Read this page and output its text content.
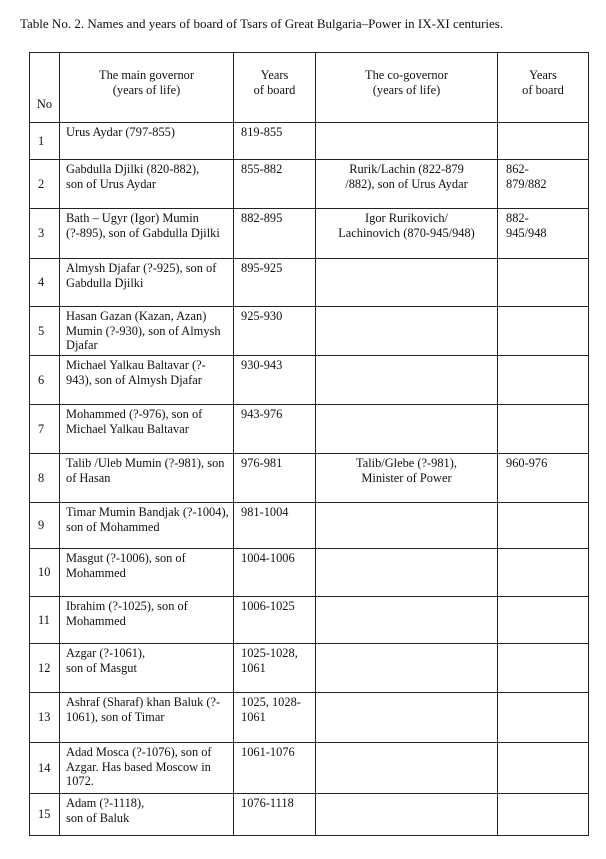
Table No. 2. Names and years of board of Tsars of Great Bulgaria–Power in IX-XI centuries.
No	The main governor
(years of life)	Years
of board	The co-governor
(years of life)	Years
of board

1	Urus Aydar (797-855)	819-855		
2	Gabdulla Djilki (820-882),
son of Urus Aydar	855-882	Rurik/Lachin (822-879
/882), son of Urus Aydar	862-
879/882
3	Bath – Ugyr (Igor) Mumin
(?-895), son of Gabdulla Djilki	882-895	Igor Rurikovich/
Lachinovich (870-945/948)	882-
945/948
4	Almysh Djafar (?-925), son of
Gabdulla Djilki	895-925		
5	Hasan Gazan (Kazan, Azan)
Mumin (?-930), son of Almysh
Djafar	925-930		
6	Michael Yalkau Baltavar (?-
943), son of Almysh Djafar	930-943		
7	Mohammed (?-976), son of
Michael Yalkau Baltavar	943-976		
8	Talib /Uleb Mumin (?-981), son
of Hasan	976-981	Talib/Glebe (?-981),
Minister of Power	960-976
9	Timar Mumin Bandjak (?-1004),
son of Mohammed	981-1004		
10	Masgut (?-1006), son of
Mohammed	1004-1006		
11	Ibrahim (?-1025), son of
Mohammed	1006-1025		
12	Azgar (?-1061),
son of Masgut	1025-1028,
1061		
13	Ashraf (Sharaf) khan Baluk (?-
1061), son of Timar	1025, 1028-
1061		
14	Adad Mosca (?-1076), son of
Azgar. Has based Moscow in
1072.	1061-1076		
15	Adam (?-1118),
son of Baluk	1076-1118		
